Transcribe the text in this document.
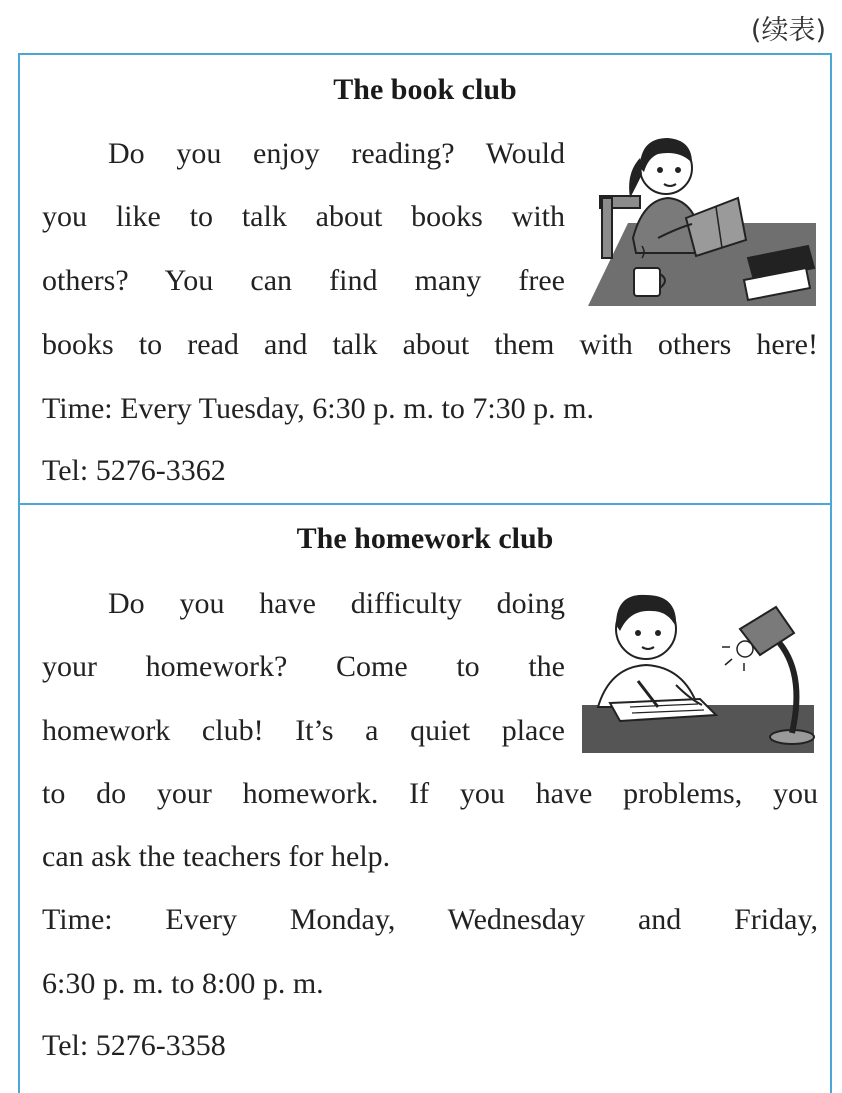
(续表)
The book club
Do you enjoy reading? Would
you like to talk about books with
others? You can find many free
books to read and talk about them with others here!
Time: Every Tuesday, 6:30 p. m. to 7:30 p. m.
Tel: 5276-3362
The homework club
Do you have difficulty doing
your homework? Come to the
homework club! It’s a quiet place
to do your homework. If you have problems, you
can ask the teachers for help.
Time: Every Monday, Wednesday and Friday,
6:30 p. m. to 8:00 p. m.
Tel: 5276-3358
